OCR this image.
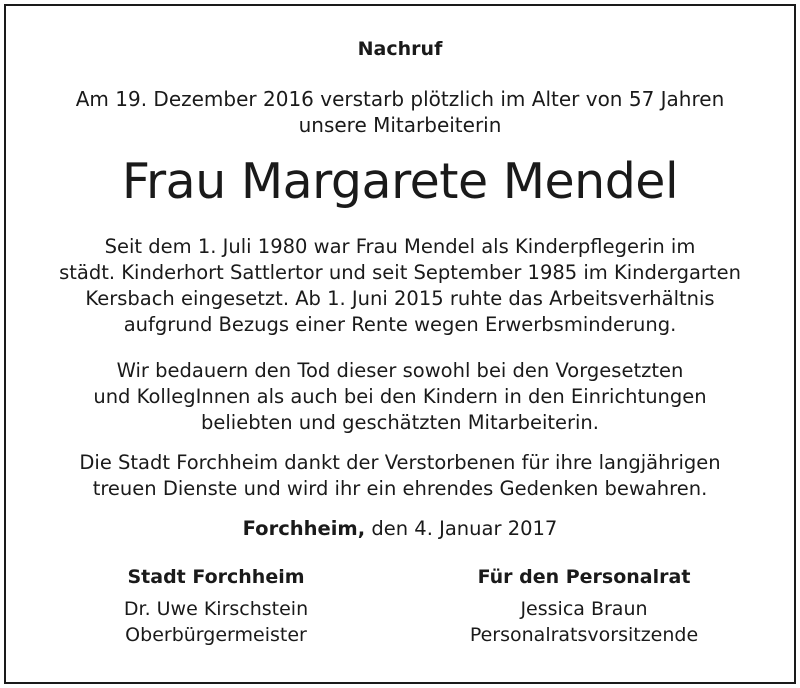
Nachruf
Am 19. Dezember 2016 verstarb plötzlich im Alter von 57 Jahren
unsere Mitarbeiterin
Frau Margarete Mendel
Seit dem 1. Juli 1980 war Frau Mendel als Kinderpflegerin im
städt. Kinderhort Sattlertor und seit September 1985 im Kindergarten
Kersbach eingesetzt. Ab 1. Juni 2015 ruhte das Arbeitsverhältnis
aufgrund Bezugs einer Rente wegen Erwerbsminderung.
Wir bedauern den Tod dieser sowohl bei den Vorgesetzten
und KollegInnen als auch bei den Kindern in den Einrichtungen
beliebten und geschätzten Mitarbeiterin.
Die Stadt Forchheim dankt der Verstorbenen für ihre langjährigen
treuen Dienste und wird ihr ein ehrendes Gedenken bewahren.
Forchheim, den 4. Januar 2017
Stadt Forchheim
Dr. Uwe Kirschstein
Oberbürgermeister
Für den Personalrat
Jessica Braun
Personalratsvorsitzende
